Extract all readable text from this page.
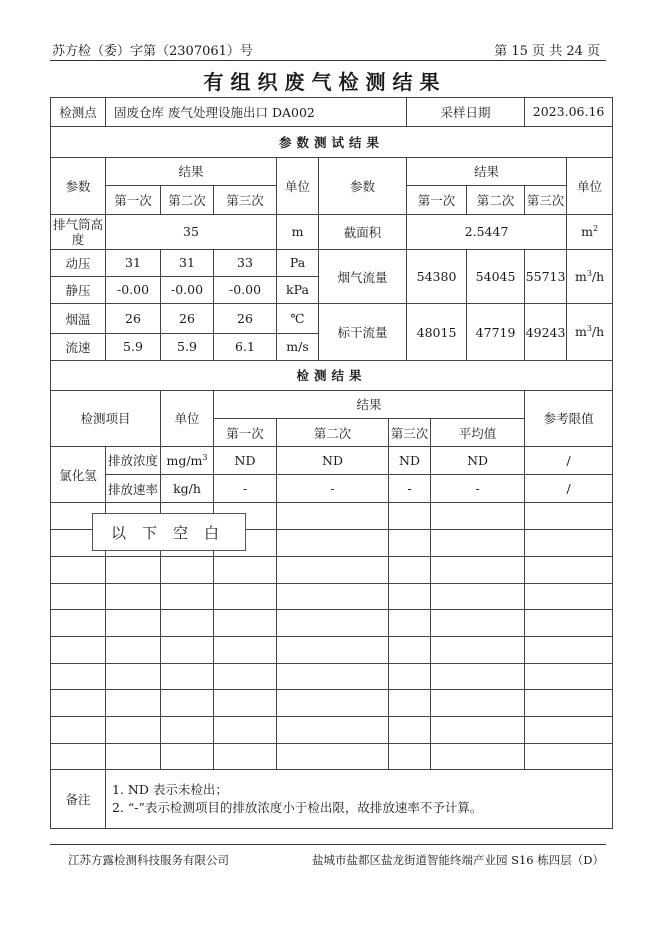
苏方检（委）字第（2307061）号	第 15 页 共 24 页
有组织废气检测结果
检测点	固废仓库 废气处理设施出口 DA002						采样日期			2023.06.16	
参数测试结果											
参数	结果			单位	参数		结果				单位
	第一次	第二次	第三次				第一次		第二次	第三次	
排气筒高度	35			m	截面积		2.5447				$m^2$
动压	31	31	33	Pa	烟气流量		54380		54045	55713	$m^3/h$
静压	-0.00	-0.00	-0.00	kPa							
烟温	26	26	26	℃	标干流量		48015		47719	49243	$m^3/h$
流速	5.9	5.9	6.1	m/s							
检测结果											
检测项目		单位	结果							参考限值	
			第一次	第二次		第三次		平均值			
氯化氢	排放浓度	$mg/m^3$	ND	ND		ND		ND		/	
	排放速率	kg/h	-	-		-		-		/	

备注	1. ND 表示未检出；
2. “-”表示检测项目的排放浓度小于检出限，故排放速率不予计算。										
以下空白
江苏方露检测科技服务有限公司	盐城市盐都区盐龙街道智能终端产业园 S16 栋四层（D）
